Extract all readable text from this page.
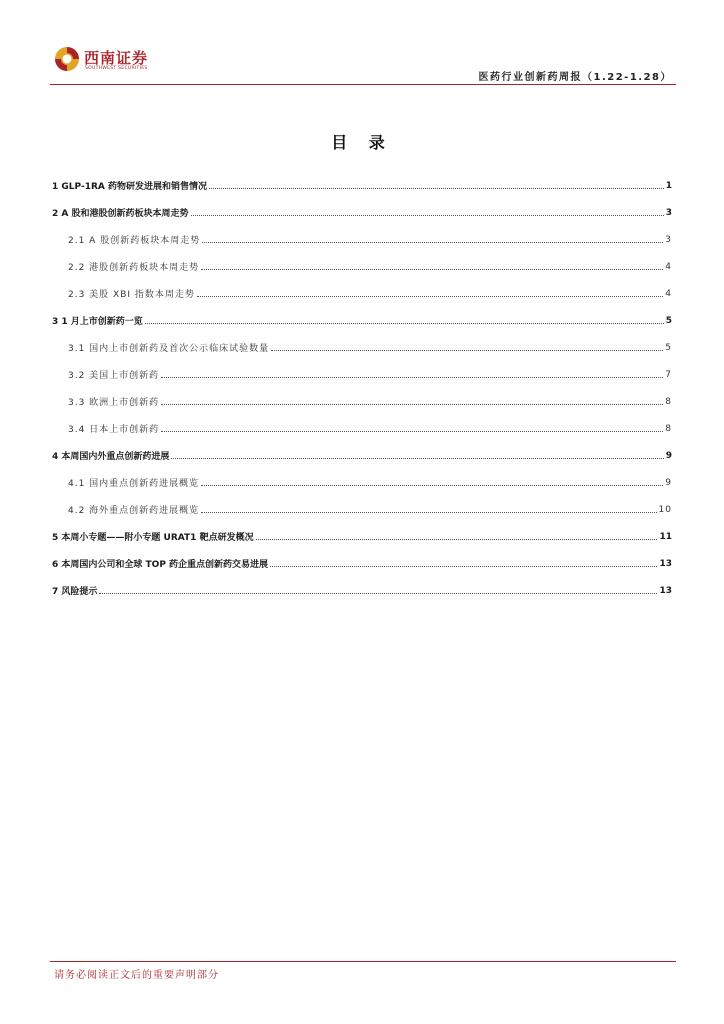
西南证券
SOUTHWEST SECURITIES
医药行业创新药周报（1.22-1.28）
目 录
1 GLP-1RA 药物研发进展和销售情况	1
2 A 股和港股创新药板块本周走势	3
2.1 A 股创新药板块本周走势	3
2.2 港股创新药板块本周走势	4
2.3 美股 XBI 指数本周走势	4
3 1 月上市创新药一览	5
3.1 国内上市创新药及首次公示临床试验数量	5
3.2 美国上市创新药	7
3.3 欧洲上市创新药	8
3.4 日本上市创新药	8
4 本周国内外重点创新药进展	9
4.1 国内重点创新药进展概览	9
4.2 海外重点创新药进展概览	10
5 本周小专题——附小专题 URAT1 靶点研发概况	11
6 本周国内公司和全球 TOP 药企重点创新药交易进展	13
7 风险提示	13
请务必阅读正文后的重要声明部分
